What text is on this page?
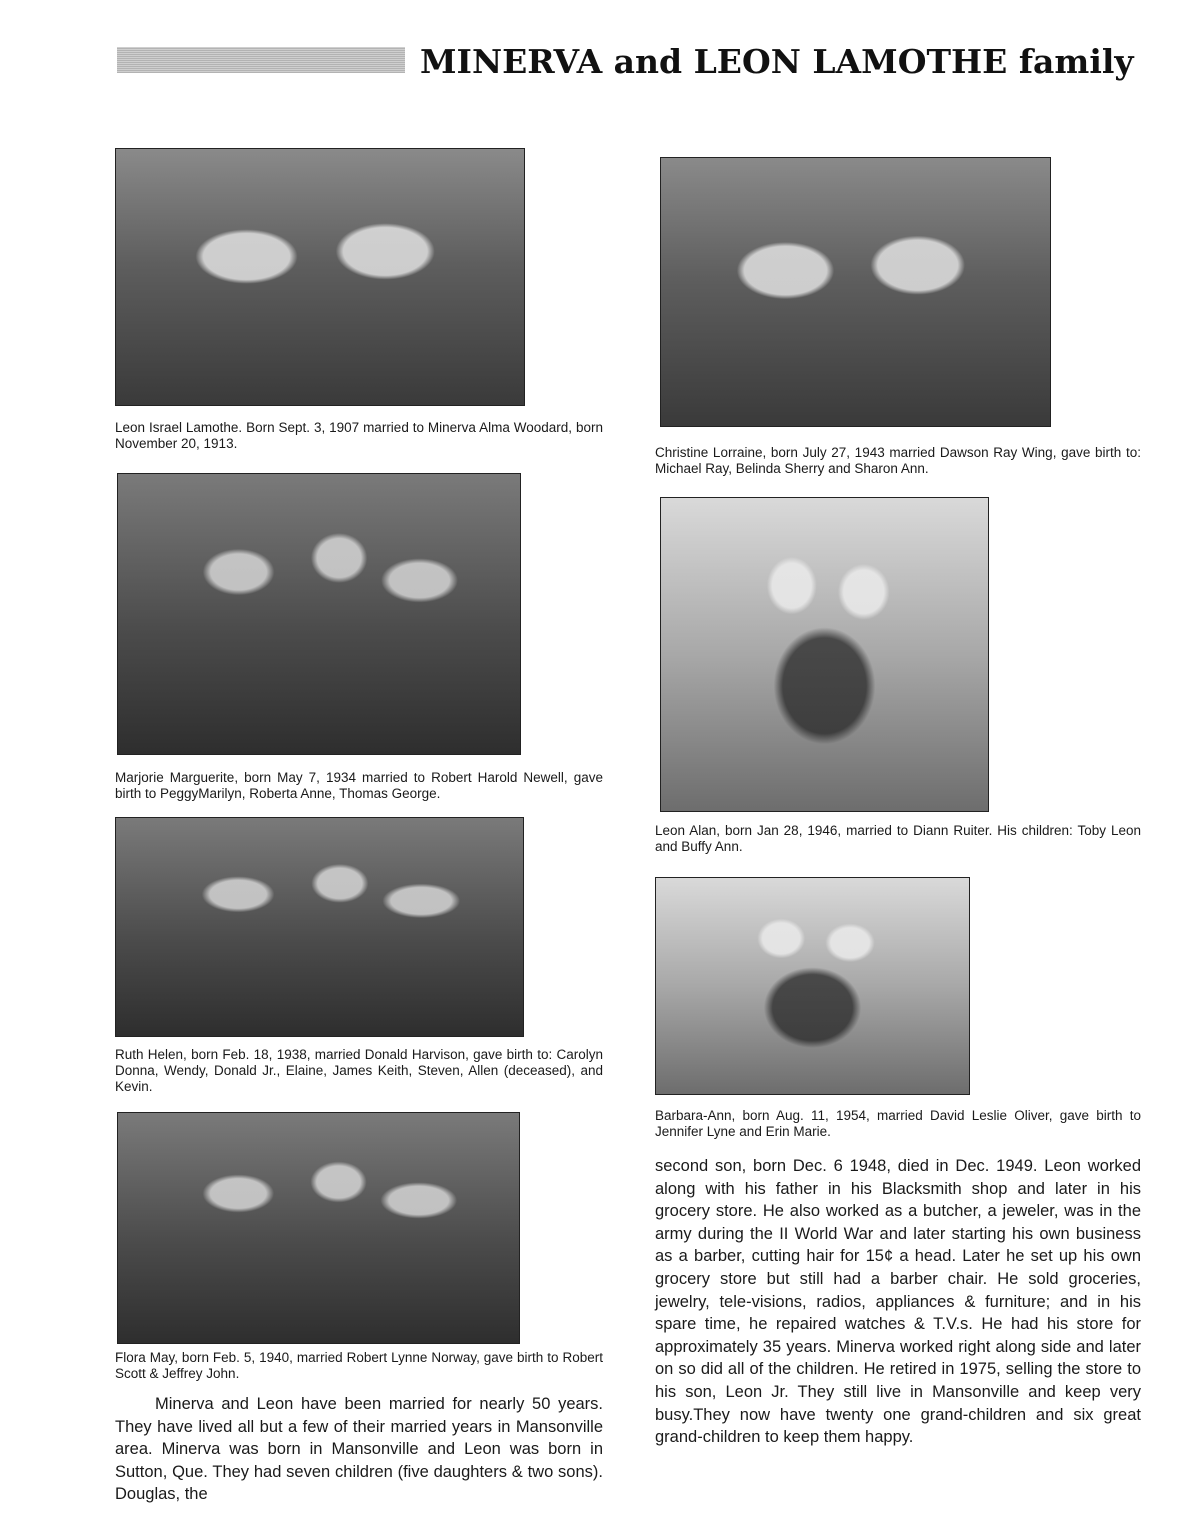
MINERVA and LEON LAMOTHE family
Leon Israel Lamothe. Born Sept. 3, 1907 married to Minerva Alma Woodard, born November 20, 1913.
Marjorie Marguerite, born May 7, 1934 married to Robert Harold Newell, gave birth to PeggyMarilyn, Roberta Anne, Thomas George.
Ruth Helen, born Feb. 18, 1938, married Donald Harvison, gave birth to: Carolyn Donna, Wendy, Donald Jr., Elaine, James Keith, Steven, Allen (deceased), and Kevin.
Flora May, born Feb. 5, 1940, married Robert Lynne Norway, gave birth to Robert Scott & Jeffrey John.

Minerva and Leon have been married for nearly 50 years. They have lived all but a few of their married years in Mansonville area. Minerva was born in Mansonville and Leon was born in Sutton, Que. They had seven children (five daughters & two sons). Douglas, the

Christine Lorraine, born July 27, 1943 married Dawson Ray Wing, gave birth to: Michael Ray, Belinda Sherry and Sharon Ann.
Leon Alan, born Jan 28, 1946, married to Diann Ruiter. His children: Toby Leon and Buffy Ann.
Barbara-Ann, born Aug. 11, 1954, married David Leslie Oliver, gave birth to Jennifer Lyne and Erin Marie.

second son, born Dec. 6 1948, died in Dec. 1949. Leon worked along with his father in his Blacksmith shop and later in his grocery store. He also worked as a butcher, a jeweler, was in the army during the II World War and later starting his own business as a barber, cutting hair for 15¢ a head. Later he set up his own grocery store but still had a barber chair. He sold groceries, jewelry, tele-visions, radios, appliances & furniture; and in his spare time, he repaired watches & T.V.s. He had his store for approximately 35 years. Minerva worked right along side and later on so did all of the children. He retired in 1975, selling the store to his son, Leon Jr. They still live in Mansonville and keep very busy.They now have twenty one grand-children and six great grand-children to keep them happy.
